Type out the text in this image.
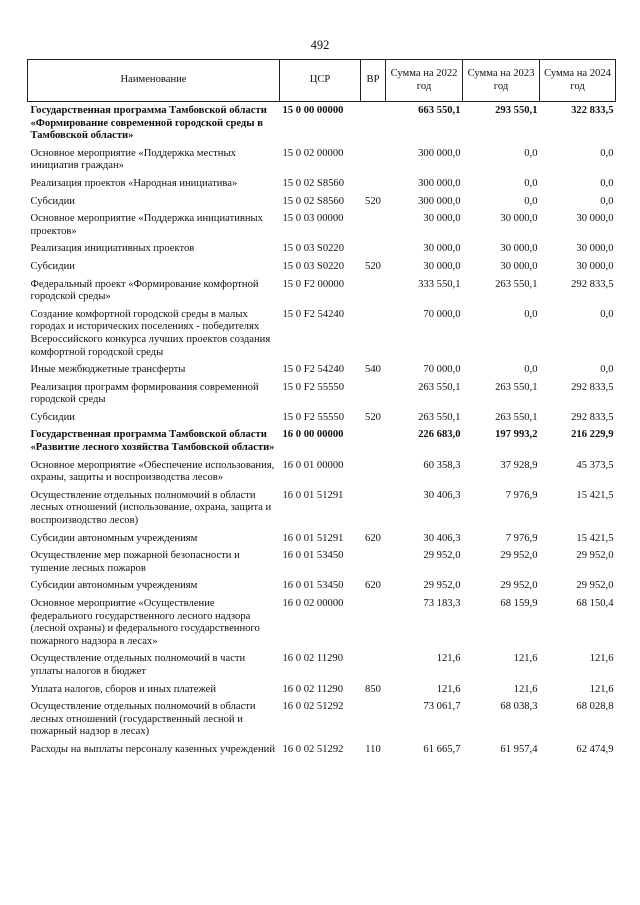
492
Наименование	ЦСР	ВР	Сумма на 2022 год	Сумма на 2023 год	Сумма на 2024 год
Государственная программа Тамбовской области «Формирование современной городской среды в Тамбовской области»	15 0 00 00000		663 550,1	293 550,1	322 833,5
Основное мероприятие «Поддержка местных инициатив граждан»	15 0 02 00000		300 000,0	0,0	0,0
Реализация проектов «Народная инициатива»	15 0 02 S8560		300 000,0	0,0	0,0
Субсидии	15 0 02 S8560	520	300 000,0	0,0	0,0
Основное мероприятие «Поддержка инициативных проектов»	15 0 03 00000		30 000,0	30 000,0	30 000,0
Реализация инициативных проектов	15 0 03 S0220		30 000,0	30 000,0	30 000,0
Субсидии	15 0 03 S0220	520	30 000,0	30 000,0	30 000,0
Федеральный проект «Формирование комфортной городской среды»	15 0 F2 00000		333 550,1	263 550,1	292 833,5
Создание комфортной городской среды в малых городах и исторических поселениях - победителях Всероссийского конкурса лучших проектов создания комфортной городской среды	15 0 F2 54240		70 000,0	0,0	0,0
Иные межбюджетные трансферты	15 0 F2 54240	540	70 000,0	0,0	0,0
Реализация программ формирования современной городской среды	15 0 F2 55550		263 550,1	263 550,1	292 833,5
Субсидии	15 0 F2 55550	520	263 550,1	263 550,1	292 833,5
Государственная программа Тамбовской области «Развитие лесного хозяйства Тамбовской области»	16 0 00 00000		226 683,0	197 993,2	216 229,9
Основное мероприятие «Обеспечение использования, охраны, защиты и воспроизводства лесов»	16 0 01 00000		60 358,3	37 928,9	45 373,5
Осуществление отдельных полномочий в области лесных отношений (использование, охрана, защита и воспроизводство лесов)	16 0 01 51291		30 406,3	7 976,9	15 421,5
Субсидии автономным учреждениям	16 0 01 51291	620	30 406,3	7 976,9	15 421,5
Осуществление мер пожарной безопасности и тушение лесных пожаров	16 0 01 53450		29 952,0	29 952,0	29 952,0
Субсидии автономным учреждениям	16 0 01 53450	620	29 952,0	29 952,0	29 952,0
Основное мероприятие «Осуществление федерального государственного лесного надзора (лесной охраны) и федерального государственного пожарного надзора в лесах»	16 0 02 00000		73 183,3	68 159,9	68 150,4
Осуществление отдельных полномочий в части уплаты налогов в бюджет	16 0 02 11290		121,6	121,6	121,6
Уплата налогов, сборов и иных платежей	16 0 02 11290	850	121,6	121,6	121,6
Осуществление отдельных полномочий в области лесных отношений (государственный лесной и пожарный надзор в лесах)	16 0 02 51292		73 061,7	68 038,3	68 028,8
Расходы на выплаты персоналу казенных учреждений	16 0 02 51292	110	61 665,7	61 957,4	62 474,9
